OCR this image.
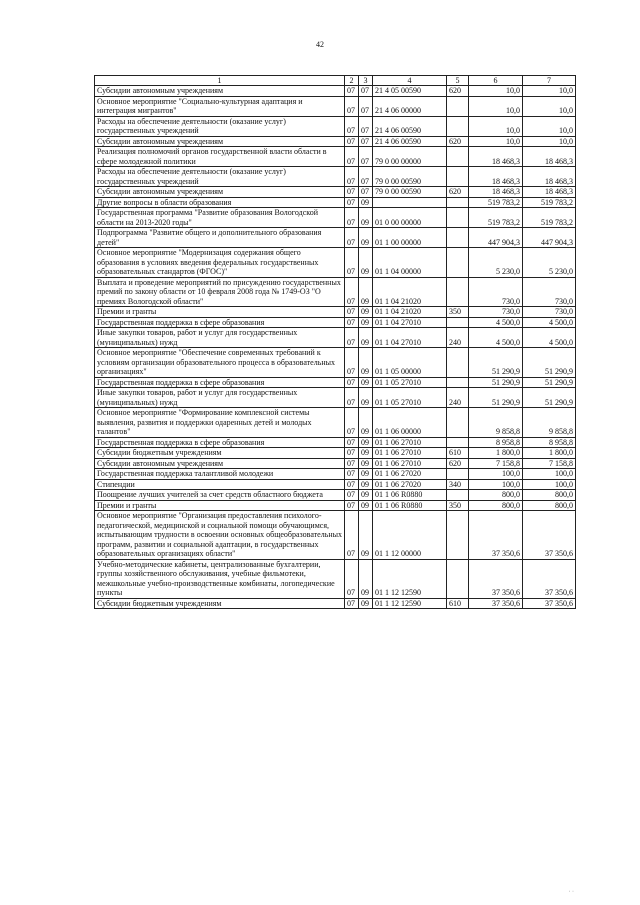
42
1	2	3	4	5	6	7
Субсидии автономным учреждениям	07	07	21 4 05 00590	620	10,0	10,0
Основное мероприятие "Социально-культурная адаптация и интеграция мигрантов"	07	07	21 4 06 00000		10,0	10,0
Расходы на обеспечение деятельности (оказание услуг) государственных учреждений	07	07	21 4 06 00590		10,0	10,0
Субсидии автономным учреждениям	07	07	21 4 06 00590	620	10,0	10,0
Реализация полномочий органов государственной власти области в сфере молодежной политики	07	07	79 0 00 00000		18 468,3	18 468,3
Расходы на обеспечение деятельности (оказание услуг) государственных учреждений	07	07	79 0 00 00590		18 468,3	18 468,3
Субсидии автономным учреждениям	07	07	79 0 00 00590	620	18 468,3	18 468,3
Другие вопросы в области образования	07	09			519 783,2	519 783,2
Государственная программа "Развитие образования Вологодской области на 2013-2020 годы"	07	09	01 0 00 00000		519 783,2	519 783,2
Подпрограмма "Развитие общего и дополнительного образования детей"	07	09	01 1 00 00000		447 904,3	447 904,3
Основное мероприятие "Модернизация содержания общего образования в условиях введения федеральных государственных образовательных стандартов (ФГОС)"	07	09	01 1 04 00000		5 230,0	5 230,0
Выплата и проведение мероприятий по присуждению государственных премий по закону области от 10 февраля 2008 года № 1749-ОЗ "О премиях Вологодской области"	07	09	01 1 04 21020		730,0	730,0
Премии и гранты	07	09	01 1 04 21020	350	730,0	730,0
Государственная поддержка в сфере образования	07	09	01 1 04 27010		4 500,0	4 500,0
Иные закупки товаров, работ и услуг для государственных (муниципальных) нужд	07	09	01 1 04 27010	240	4 500,0	4 500,0
Основное мероприятие "Обеспечение современных требований к условиям организации образовательного процесса в образовательных организациях"	07	09	01 1 05 00000		51 290,9	51 290,9
Государственная поддержка в сфере образования	07	09	01 1 05 27010		51 290,9	51 290,9
Иные закупки товаров, работ и услуг для государственных (муниципальных) нужд	07	09	01 1 05 27010	240	51 290,9	51 290,9
Основное мероприятие "Формирование комплексной системы выявления, развития и поддержки одаренных детей и молодых талантов"	07	09	01 1 06 00000		9 858,8	9 858,8
Государственная поддержка в сфере образования	07	09	01 1 06 27010		8 958,8	8 958,8
Субсидии бюджетным учреждениям	07	09	01 1 06 27010	610	1 800,0	1 800,0
Субсидии автономным учреждениям	07	09	01 1 06 27010	620	7 158,8	7 158,8
Государственная поддержка талантливой молодежи	07	09	01 1 06 27020		100,0	100,0
Стипендии	07	09	01 1 06 27020	340	100,0	100,0
Поощрение лучших учителей за счет средств областного бюджета	07	09	01 1 06 R0880		800,0	800,0
Премии и гранты	07	09	01 1 06 R0880	350	800,0	800,0
Основное мероприятие "Организация предоставления психолого-педагогической, медицинской и социальной помощи обучающимся, испытывающим трудности в освоении основных общеобразовательных программ, развитии и социальной адаптации, в государственных образовательных организациях области"	07	09	01 1 12 00000		37 350,6	37 350,6
Учебно-методические кабинеты, централизованные бухгалтерии, группы хозяйственного обслуживания, учебные фильмотеки, межшкольные учебно-производственные комбинаты, логопедические пункты	07	09	01 1 12 12590		37 350,6	37 350,6
Субсидии бюджетным учреждениям	07	09	01 1 12 12590	610	37 350,6	37 350,6
· ·
